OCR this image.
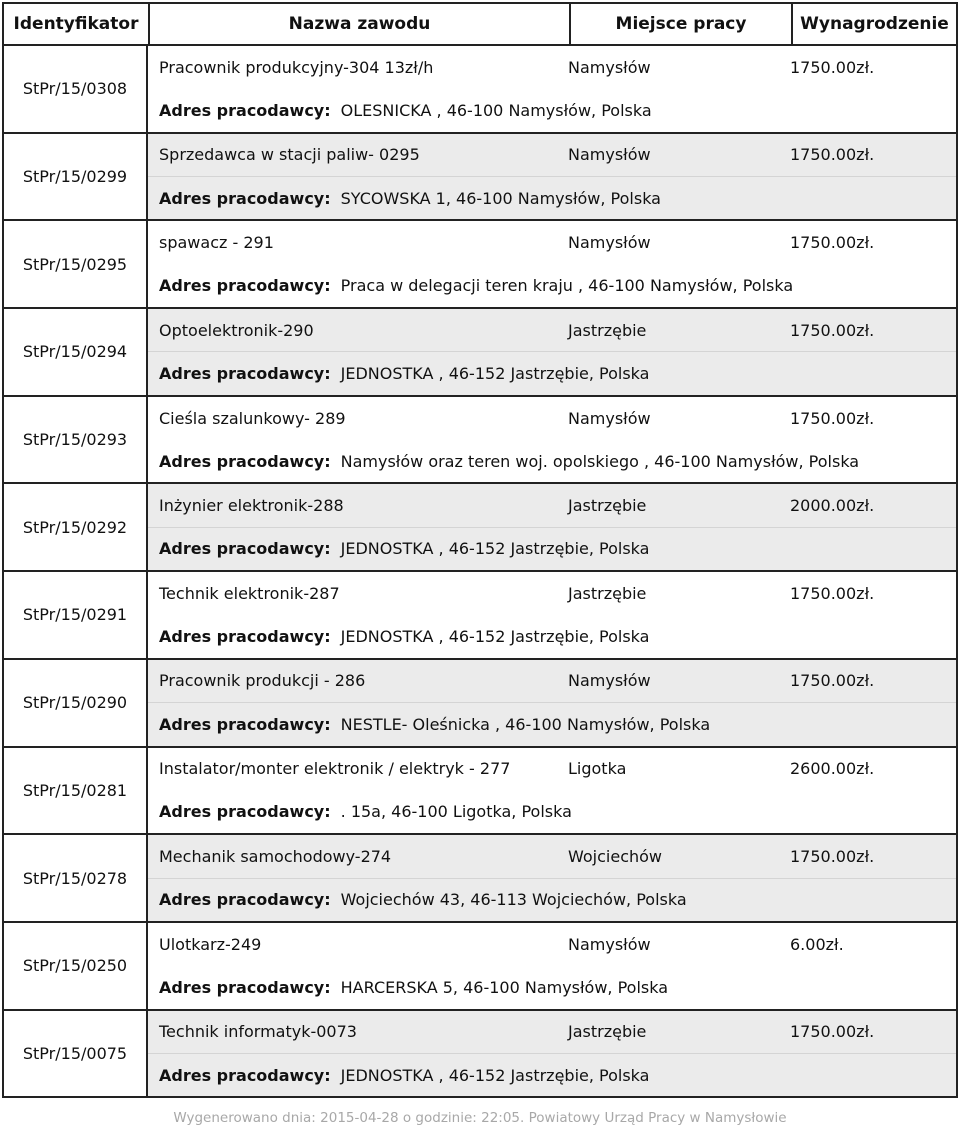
Identyfikator	Nazwa zawodu	Miejsce pracy	Wynagrodzenie
StPr/15/0308
Pracownik produkcyjny-304 13zł/h	Namysłów	1750.00zł.
Adres pracodawcy: OLESNICKA , 46-100 Namysłów, Polska
StPr/15/0299
Sprzedawca w stacji paliw- 0295	Namysłów	1750.00zł.
Adres pracodawcy: SYCOWSKA 1, 46-100 Namysłów, Polska
StPr/15/0295
spawacz - 291	Namysłów	1750.00zł.
Adres pracodawcy: Praca w delegacji teren kraju , 46-100 Namysłów, Polska
StPr/15/0294
Optoelektronik-290	Jastrzębie	1750.00zł.
Adres pracodawcy: JEDNOSTKA , 46-152 Jastrzębie, Polska
StPr/15/0293
Cieśla szalunkowy- 289	Namysłów	1750.00zł.
Adres pracodawcy: Namysłów oraz teren woj. opolskiego , 46-100 Namysłów, Polska
StPr/15/0292
Inżynier elektronik-288	Jastrzębie	2000.00zł.
Adres pracodawcy: JEDNOSTKA , 46-152 Jastrzębie, Polska
StPr/15/0291
Technik elektronik-287	Jastrzębie	1750.00zł.
Adres pracodawcy: JEDNOSTKA , 46-152 Jastrzębie, Polska
StPr/15/0290
Pracownik produkcji - 286	Namysłów	1750.00zł.
Adres pracodawcy: NESTLE- Oleśnicka , 46-100 Namysłów, Polska
StPr/15/0281
Instalator/monter elektronik / elektryk - 277	Ligotka	2600.00zł.
Adres pracodawcy: . 15a, 46-100 Ligotka, Polska
StPr/15/0278
Mechanik samochodowy-274	Wojciechów	1750.00zł.
Adres pracodawcy: Wojciechów 43, 46-113 Wojciechów, Polska
StPr/15/0250
Ulotkarz-249	Namysłów	6.00zł.
Adres pracodawcy: HARCERSKA 5, 46-100 Namysłów, Polska
StPr/15/0075
Technik informatyk-0073	Jastrzębie	1750.00zł.
Adres pracodawcy: JEDNOSTKA , 46-152 Jastrzębie, Polska
Wygenerowano dnia: 2015-04-28 o godzinie: 22:05. Powiatowy Urząd Pracy w Namysłowie
